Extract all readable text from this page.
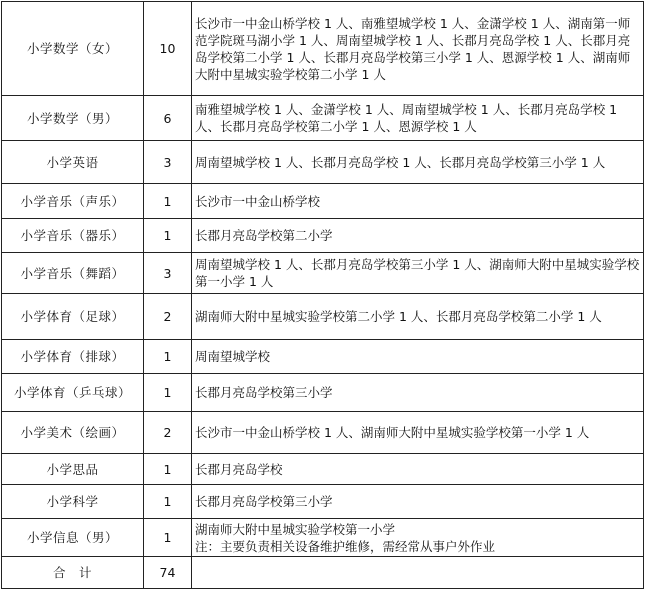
小学数学（女）	10	长沙市一中金山桥学校 1 人、南雅望城学校 1 人、金潇学校 1 人、湖南第一师范学院斑马湖小学 1 人、周南望城学校 1 人、长郡月亮岛学校 1 人、长郡月亮岛学校第二小学 1 人、长郡月亮岛学校第三小学 1 人、恩源学校 1 人、湖南师大附中星城实验学校第二小学 1 人
小学数学（男）	6	南雅望城学校 1 人、金潇学校 1 人、周南望城学校 1 人、长郡月亮岛学校 1 人、长郡月亮岛学校第二小学 1 人、恩源学校 1 人
小学英语	3	周南望城学校 1 人、长郡月亮岛学校 1 人、长郡月亮岛学校第三小学 1 人
小学音乐（声乐）	1	长沙市一中金山桥学校
小学音乐（器乐）	1	长郡月亮岛学校第二小学
小学音乐（舞蹈）	3	周南望城学校 1 人、长郡月亮岛学校第三小学 1 人、湖南师大附中星城实验学校第一小学 1 人
小学体育（足球）	2	湖南师大附中星城实验学校第二小学 1 人、长郡月亮岛学校第二小学 1 人
小学体育（排球）	1	周南望城学校
小学体育（乒乓球）	1	长郡月亮岛学校第三小学
小学美术（绘画）	2	长沙市一中金山桥学校 1 人、湖南师大附中星城实验学校第一小学 1 人
小学思品	1	长郡月亮岛学校
小学科学	1	长郡月亮岛学校第三小学
小学信息（男）	1	湖南师大附中星城实验学校第一小学
注：主要负责相关设备维护维修，需经常从事户外作业

合　计	74	
